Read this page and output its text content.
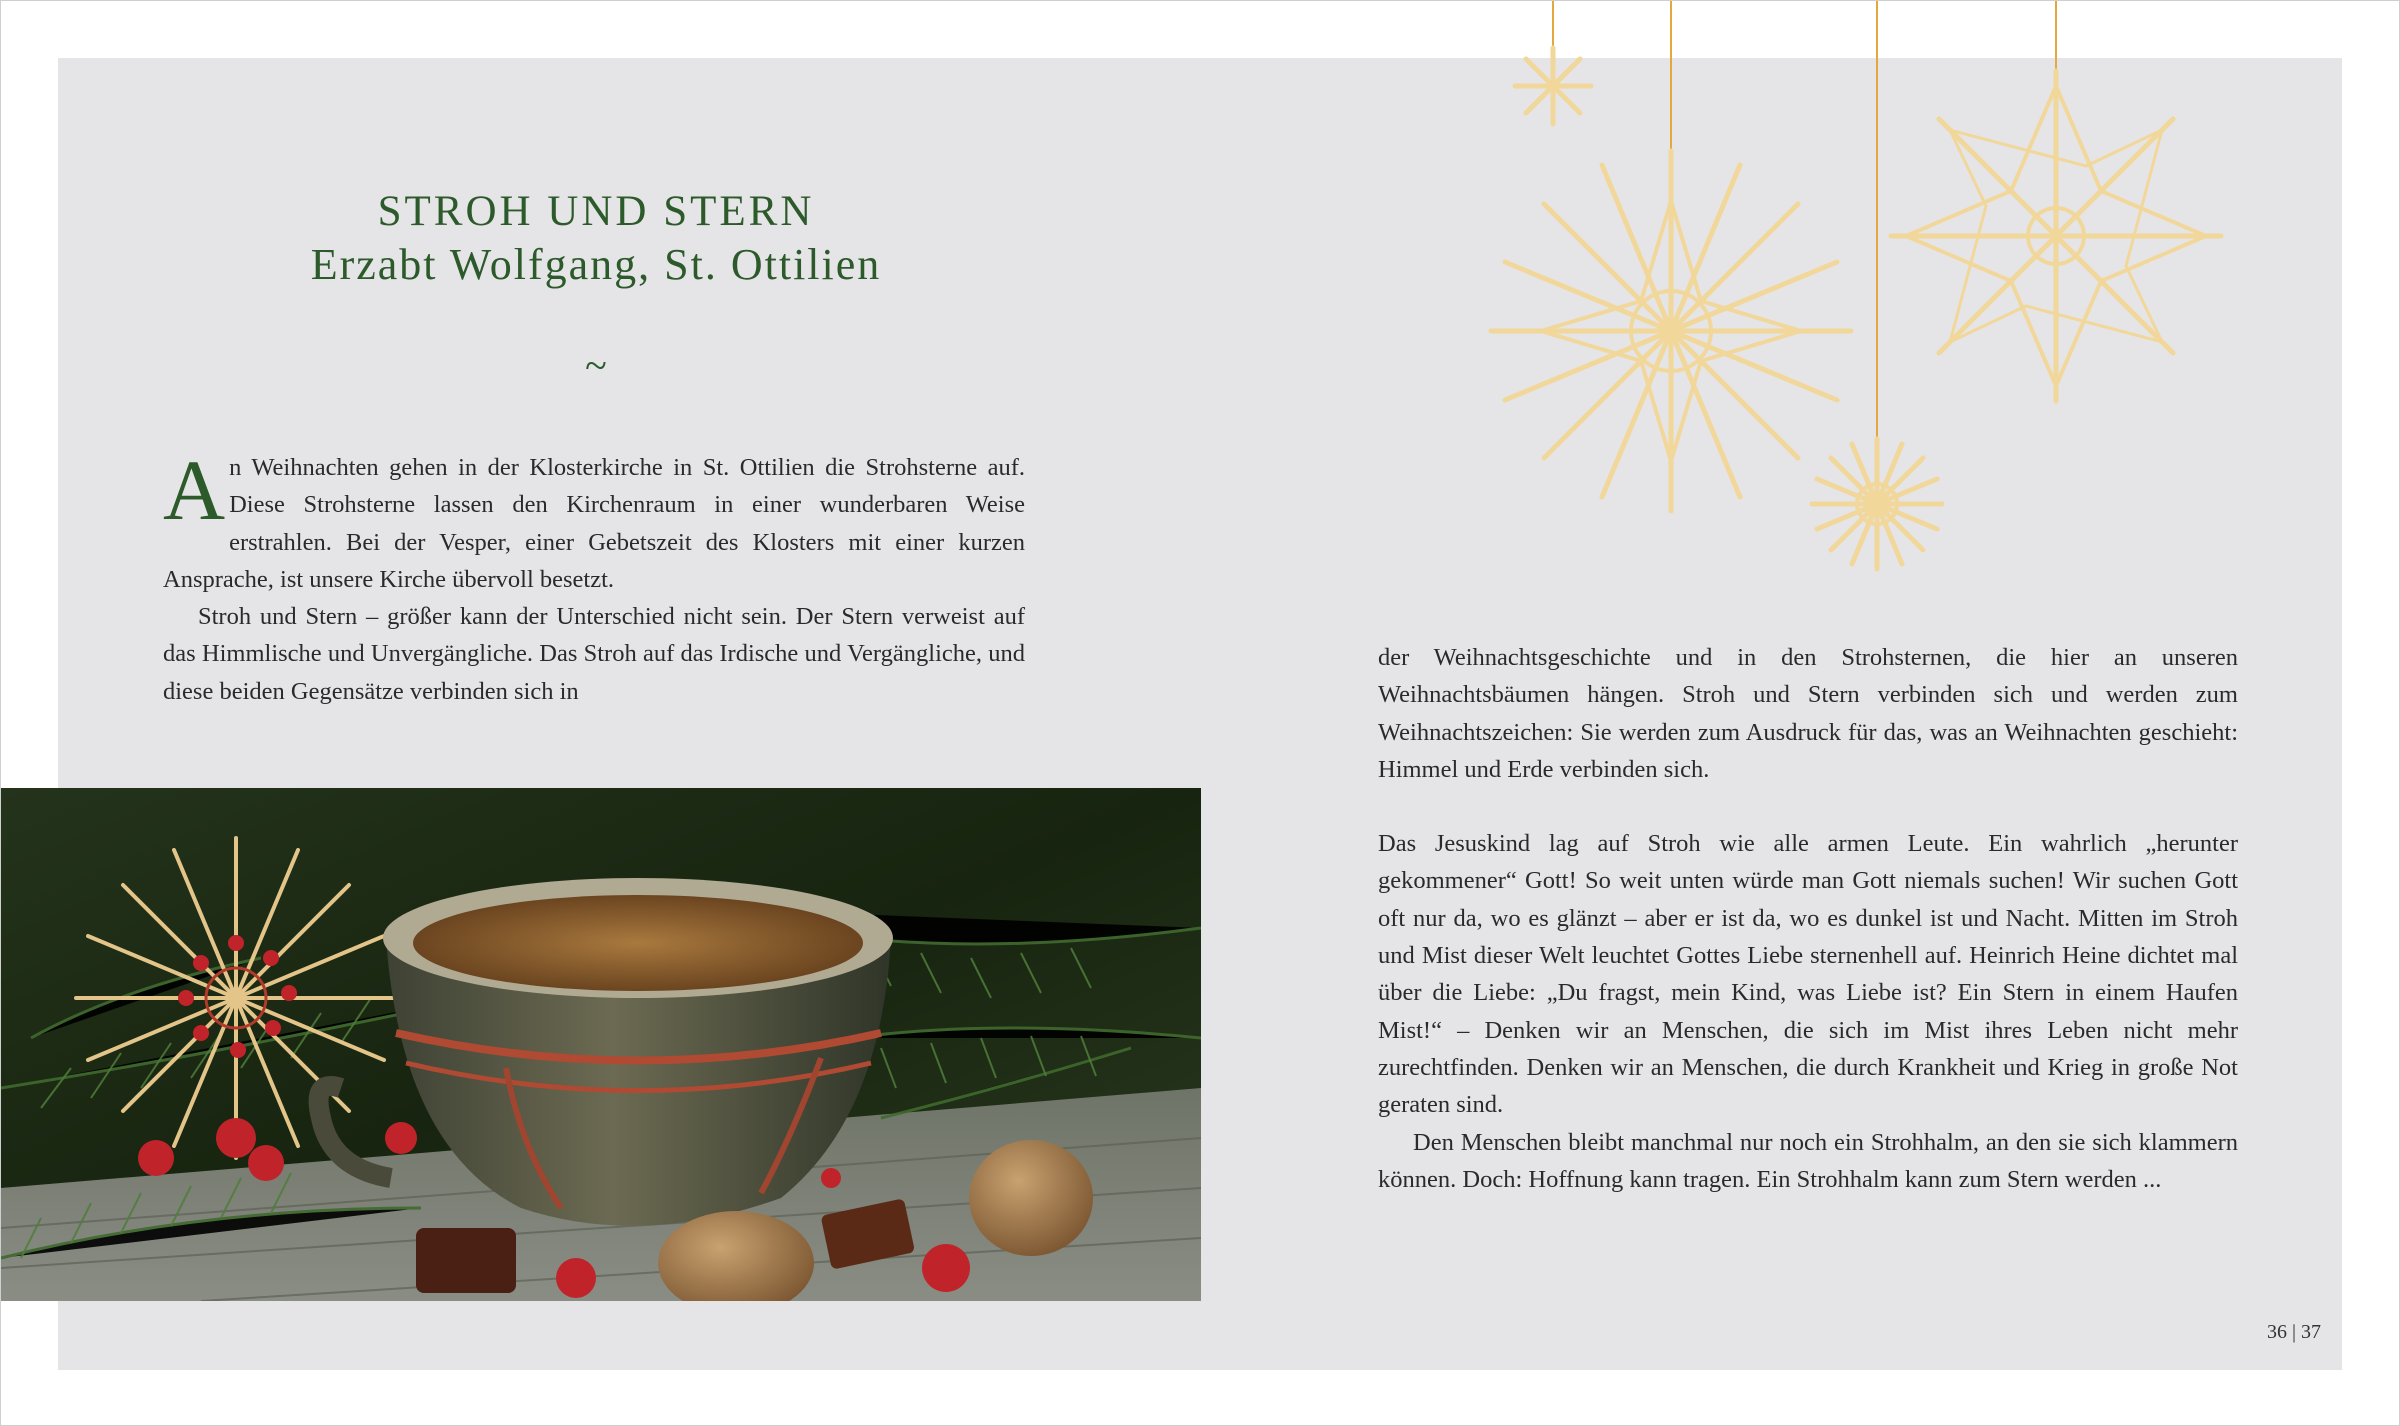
STROH UND STERN
Erzabt Wolfgang, St. Ottilien
~

An Weihnachten gehen in der Klosterkirche in St. Ottilien die Strohsterne auf. Diese Strohsterne lassen den Kirchenraum in einer wunderbaren Weise erstrahlen. Bei der Vesper, einer Gebetszeit des Klosters mit einer kurzen Ansprache, ist unsere Kirche übervoll besetzt.

Stroh und Stern – größer kann der Unterschied nicht sein. Der Stern verweist auf das Himmlische und Unvergängliche. Das Stroh auf das Irdische und Vergängliche, und diese beiden Gegensätze verbinden sich in

der Weihnachtsgeschichte und in den Strohsternen, die hier an unseren Weihnachtsbäumen hängen. Stroh und Stern verbinden sich und werden zum Weihnachtszeichen: Sie werden zum Ausdruck für das, was an Weihnachten geschieht: Himmel und Erde verbinden sich.

Das Jesuskind lag auf Stroh wie alle armen Leute. Ein wahrlich „herunter gekommener“ Gott! So weit unten würde man Gott niemals suchen! Wir suchen Gott oft nur da, wo es glänzt – aber er ist da, wo es dunkel ist und Nacht. Mitten im Stroh und Mist dieser Welt leuchtet Gottes Liebe sternenhell auf. Heinrich Heine dichtet mal über die Liebe: „Du fragst, mein Kind, was Liebe ist? Ein Stern in einem Haufen Mist!“ – Denken wir an Menschen, die sich im Mist ihres Leben nicht mehr zurechtfinden. Denken wir an Menschen, die durch Krankheit und Krieg in große Not geraten sind.

Den Menschen bleibt manchmal nur noch ein Strohhalm, an den sie sich klammern können. Doch: Hoffnung kann tragen. Ein Strohhalm kann zum Stern werden ...

36 | 37
